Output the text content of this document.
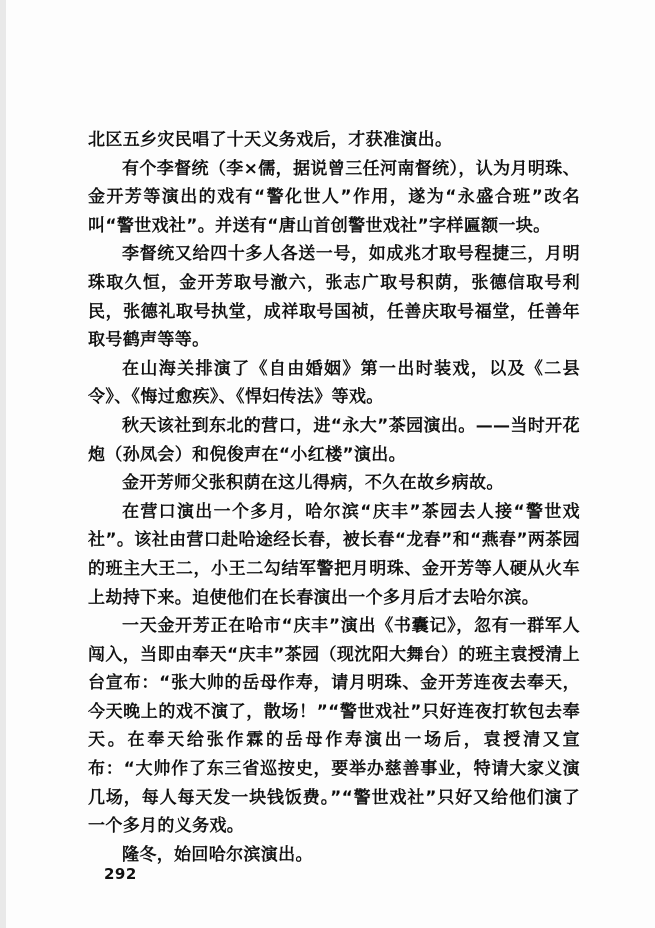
北区五乡灾民唱了十天义务戏后，才获准演出。

有个李督统（李×儒，据说曾三任河南督统），认为月明珠、金开芳等演出的戏有“警化世人”作用，遂为“永盛合班”改名叫“警世戏社”。并送有“唐山首创警世戏社”字样匾额一块。

李督统又给四十多人各送一号，如成兆才取号程捷三，月明珠取久恒，金开芳取号澈六，张志广取号积荫，张德信取号利民，张德礼取号执堂，成祥取号国祯，任善庆取号福堂，任善年取号鹤声等等。

在山海关排演了《自由婚姻》第一出时装戏，以及《二县令》、《悔过愈疾》、《悍妇传法》等戏。

秋天该社到东北的营口，进“永大”茶园演出。——当时开花炮（孙凤会）和倪俊声在“小红楼”演出。

金开芳师父张积荫在这儿得病，不久在故乡病故。

在营口演出一个多月，哈尔滨“庆丰”茶园去人接“警世戏社”。该社由营口赴哈途经长春，被长春“龙春”和“燕春”两茶园的班主大王二，小王二勾结军警把月明珠、金开芳等人硬从火车上劫持下来。迫使他们在长春演出一个多月后才去哈尔滨。

一天金开芳正在哈市“庆丰”演出《书囊记》，忽有一群军人闯入，当即由奉天“庆丰”茶园（现沈阳大舞台）的班主袁授清上台宣布：“张大帅的岳母作寿，请月明珠、金开芳连夜去奉天，今天晚上的戏不演了，散场！”“警世戏社”只好连夜打软包去奉天。在奉天给张作霖的岳母作寿演出一场后，袁授清又宣布：“大帅作了东三省巡按史，要举办慈善事业，特请大家义演几场，每人每天发一块钱饭费。”“警世戏社”只好又给他们演了一个多月的义务戏。

隆冬，始回哈尔滨演出。

292
